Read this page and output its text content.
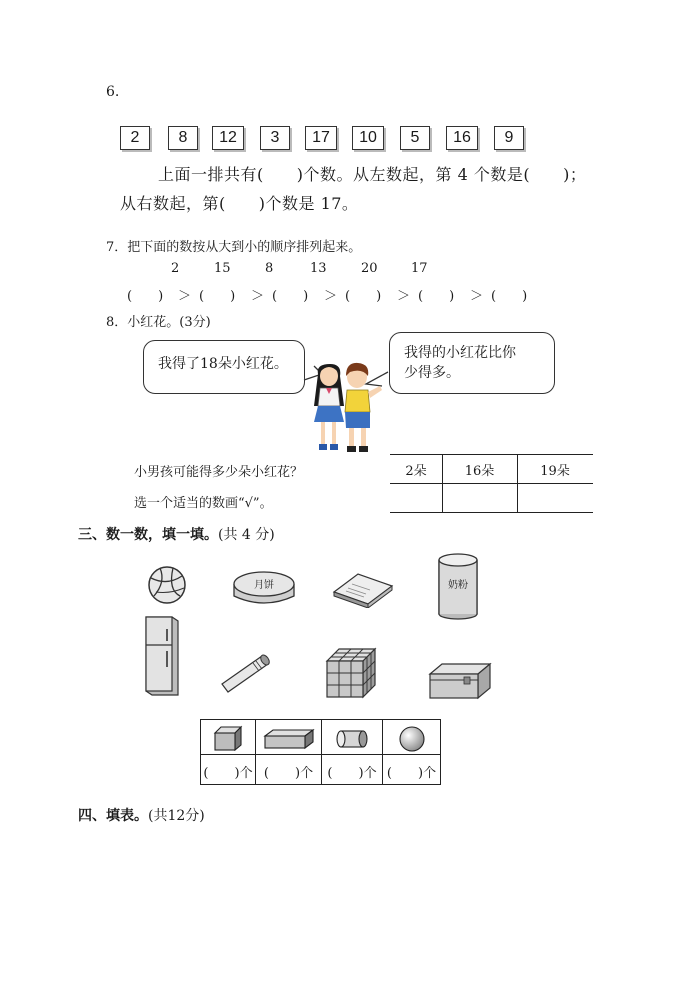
6.
2	8	12	3	17	10	5	16	9
上面一排共有(　　)个数。从左数起，第 4 个数是(　　)；
从右数起，第(　　)个数是 17。
7．把下面的数按从大到小的顺序排列起来。
2	15	8	13	20	17
(　　) ＞ (　　) ＞ (　　) ＞ (　　) ＞ (　　) ＞ (　　)
8．小红花。(3分)
我得了18朵小红花。
我得的小红花比你
少得多。
小男孩可能得多少朵小红花？
选一个适当的数画“√”。
2朵	16朵	19朵
三、数一数，填一填。(共 4 分)
月饼	奶粉
(　　)个 (　　)个	(　　)个 (　　)个
四、填表。(共12分)
